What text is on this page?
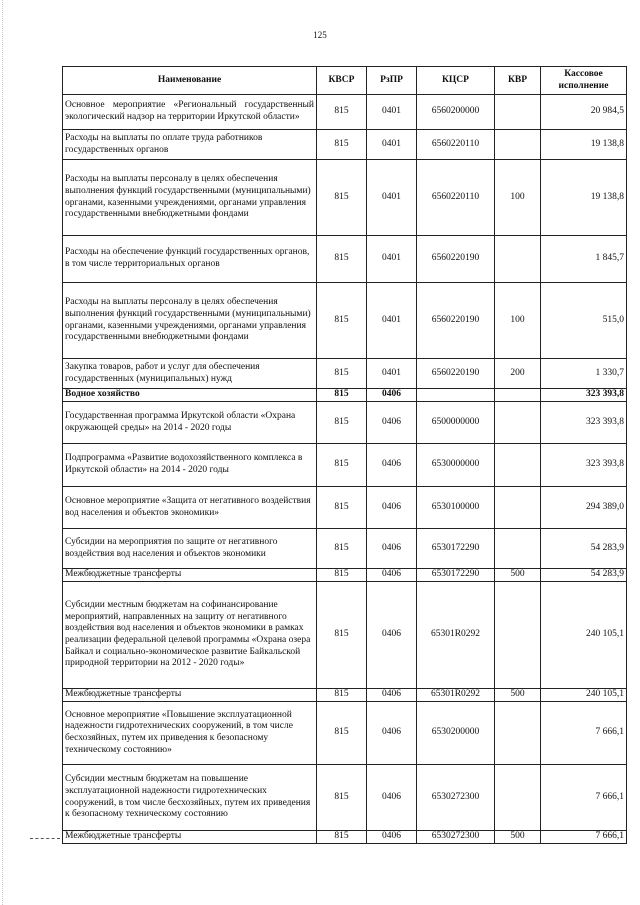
125
Наименование	КВСР	РзПР	КЦСР	КВР	Кассовое исполнение
Основное мероприятие «Региональный государственный экологический надзор на территории Иркутской области»	815	0401	6560200000		20 984,5
Расходы на выплаты по оплате труда работников государственных органов	815	0401	6560220110		19 138,8
Расходы на выплаты персоналу в целях обеспечения выполнения функций государственными (муниципальными) органами, казенными учреждениями, органами управления государственными внебюджетными фондами	815	0401	6560220110	100	19 138,8
Расходы на обеспечение функций государственных органов, в том числе территориальных органов	815	0401	6560220190		1 845,7
Расходы на выплаты персоналу в целях обеспечения выполнения функций государственными (муниципальными) органами, казенными учреждениями, органами управления государственными внебюджетными фондами	815	0401	6560220190	100	515,0
Закупка товаров, работ и услуг для обеспечения государственных (муниципальных) нужд	815	0401	6560220190	200	1 330,7
Водное хозяйство	815	0406			323 393,8
Государственная программа Иркутской области «Охрана окружающей среды» на 2014 - 2020 годы	815	0406	6500000000		323 393,8
Подпрограмма «Развитие водохозяйственного комплекса в Иркутской области» на 2014 - 2020 годы	815	0406	6530000000		323 393,8
Основное мероприятие «Защита от негативного воздействия вод населения и объектов экономики»	815	0406	6530100000		294 389,0
Субсидии на мероприятия по защите от негативного воздействия вод населения и объектов экономики	815	0406	6530172290		54 283,9
Межбюджетные трансферты	815	0406	6530172290	500	54 283,9
Субсидии местным бюджетам на софинансирование мероприятий, направленных на защиту от негативного воздействия вод населения и объектов экономики в рамках реализации федеральной целевой программы «Охрана озера Байкал и социально-экономическое развитие Байкальской природной территории на 2012 - 2020 годы»	815	0406	65301R0292		240 105,1
Межбюджетные трансферты	815	0406	65301R0292	500	240 105,1
Основное мероприятие «Повышение эксплуатационной надежности гидротехнических сооружений, в том числе бесхозяйных, путем их приведения к безопасному техническому состоянию»	815	0406	6530200000		7 666,1
Субсидии местным бюджетам на повышение эксплуатационной надежности гидротехнических сооружений, в том числе бесхозяйных, путем их приведения к безопасному техническому состоянию	815	0406	6530272300		7 666,1
Межбюджетные трансферты	815	0406	6530272300	500	7 666,1
